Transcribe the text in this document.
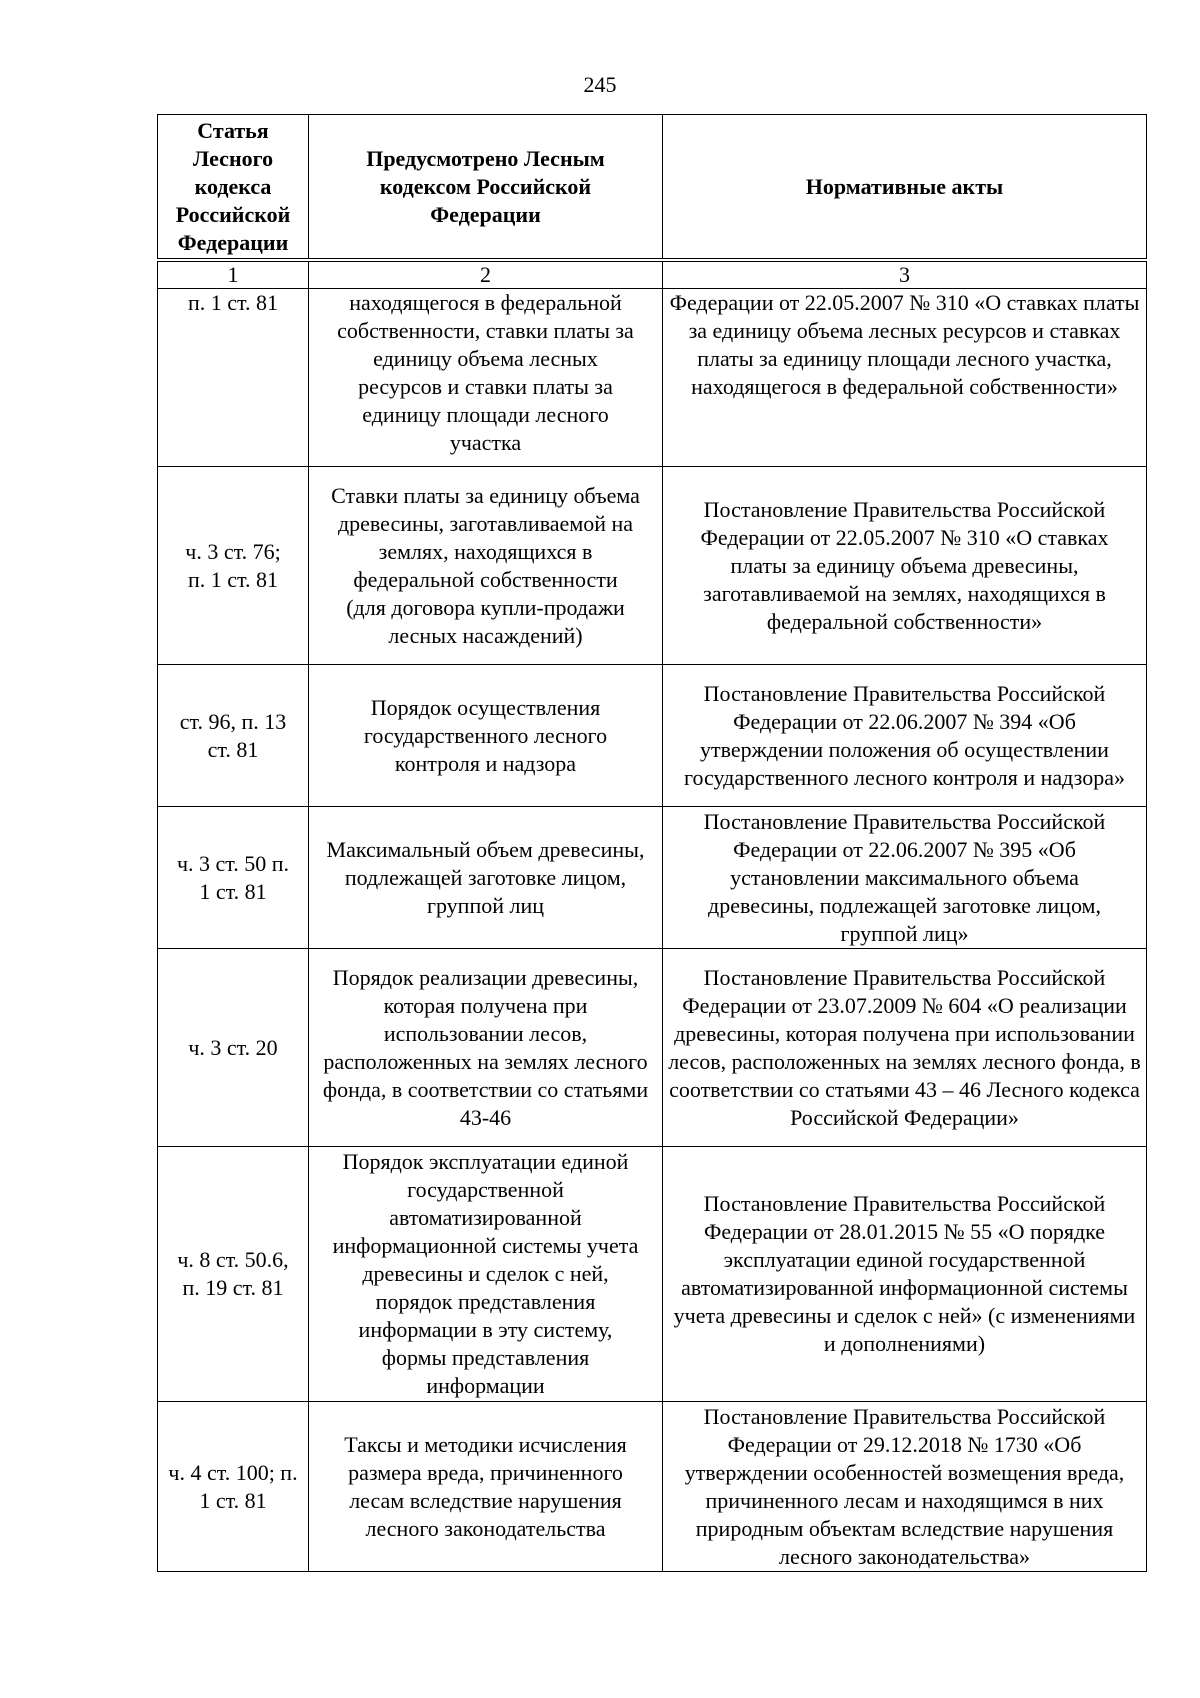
245
Статья Лесного кодекса Российской Федерации	Предусмотрено Лесным кодексом Российской Федерации	Нормативные акты
1	2	3
п. 1 ст. 81	находящегося в федеральной собственности, ставки платы за единицу объема лесных ресурсов и ставки платы за единицу площади лесного участка	Федерации от 22.05.2007 № 310 «О ставках платы за единицу объема лесных ресурсов и ставках платы за единицу площади лесного участка, находящегося в федеральной собственности»
ч. 3 ст. 76; п. 1 ст. 81	Ставки платы за единицу объема древесины, заготавливаемой на землях, находящихся в федеральной собственности (для договора купли-продажи лесных насаждений)	Постановление Правительства Российской Федерации от 22.05.2007 № 310 «О ставках платы за единицу объема древесины, заготавливаемой на землях, находящихся в федеральной собственности»
ст. 96, п. 13 ст. 81	Порядок осуществления государственного лесного контроля и надзора	Постановление Правительства Российской Федерации от 22.06.2007 № 394 «Об утверждении положения об осуществлении государственного лесного контроля и надзора»
ч. 3 ст. 50 п. 1 ст. 81	Максимальный объем древесины, подлежащей заготовке лицом, группой лиц	Постановление Правительства Российской Федерации от 22.06.2007 № 395 «Об установлении максимального объема древесины, подлежащей заготовке лицом, группой лиц»
ч. 3 ст. 20	Порядок реализации древесины, которая получена при использовании лесов, расположенных на землях лесного фонда, в соответствии со статьями 43-46	Постановление Правительства Российской Федерации от 23.07.2009 № 604 «О реализации древесины, которая получена при использовании лесов, расположенных на землях лесного фонда, в соответствии со статьями 43 – 46 Лесного кодекса Российской Федерации»
ч. 8 ст. 50.6, п. 19 ст. 81	Порядок эксплуатации единой государственной автоматизированной информационной системы учета древесины и сделок с ней, порядок представления информации в эту систему, формы представления информации	Постановление Правительства Российской Федерации от 28.01.2015 № 55 «О порядке эксплуатации единой государственной автоматизированной информационной системы учета древесины и сделок с ней» (с изменениями и дополнениями)
ч. 4 ст. 100; п. 1 ст. 81	Таксы и методики исчисления размера вреда, причиненного лесам вследствие нарушения лесного законодательства	Постановление Правительства Российской Федерации от 29.12.2018 № 1730 «Об утверждении особенностей возмещения вреда, причиненного лесам и находящимся в них природным объектам вследствие нарушения лесного законодательства»
